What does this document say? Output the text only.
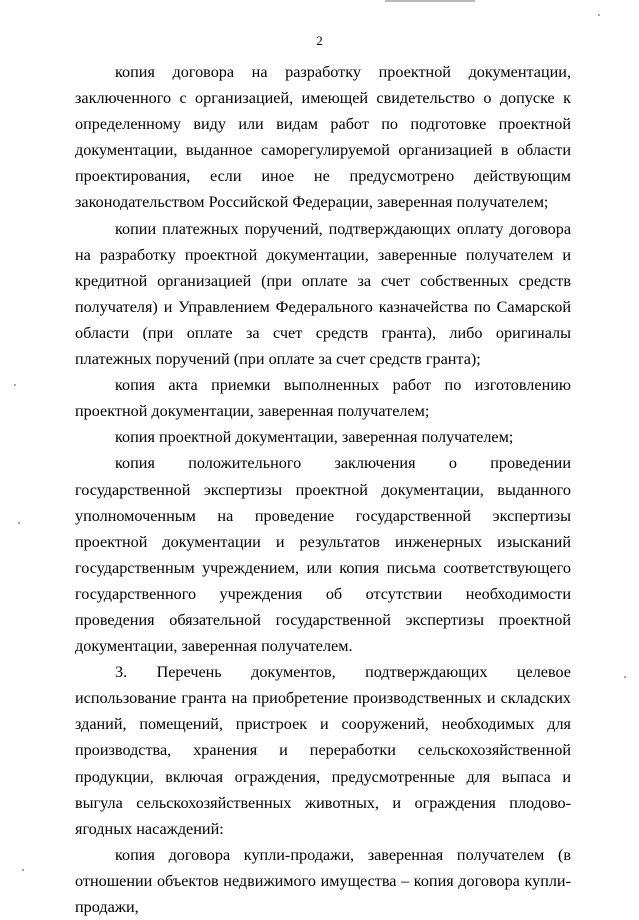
2

копия договора на разработку проектной документации, заключенного с организацией, имеющей свидетельство о допуске к определенному виду или видам работ по подготовке проектной документации, выданное саморегулируемой организацией в области проектирования, если иное не предусмотрено действующим законодательством Российской Федерации, заверенная получателем;

копии платежных поручений, подтверждающих оплату договора на разработку проектной документации, заверенные получателем и кредитной организацией (при оплате за счет собственных средств получателя) и Управлением Федерального казначейства по Самарской области (при оплате за счет средств гранта), либо оригиналы платежных поручений (при оплате за счет средств гранта);

копия акта приемки выполненных работ по изготовлению проектной документации, заверенная получателем;

копия проектной документации, заверенная получателем;

копия положительного заключения о проведении государственной экспертизы проектной документации, выданного уполномоченным на проведение государственной экспертизы проектной документации и результатов инженерных изысканий государственным учреждением, или копия письма соответствующего государственного учреждения об отсутствии необходимости проведения обязательной государственной экспертизы проектной документации, заверенная получателем.

3. Перечень документов, подтверждающих целевое использование гранта на приобретение производственных и складских зданий, помещений, пристроек и сооружений, необходимых для производства, хранения и переработки сельскохозяйственной продукции, включая ограждения, предусмотренные для выпаса и выгула сельскохозяйственных животных, и ограждения плодово-ягодных насаждений:

копия договора купли-продажи, заверенная получателем (в отношении объектов недвижимого имущества – копия договора купли-продажи,
